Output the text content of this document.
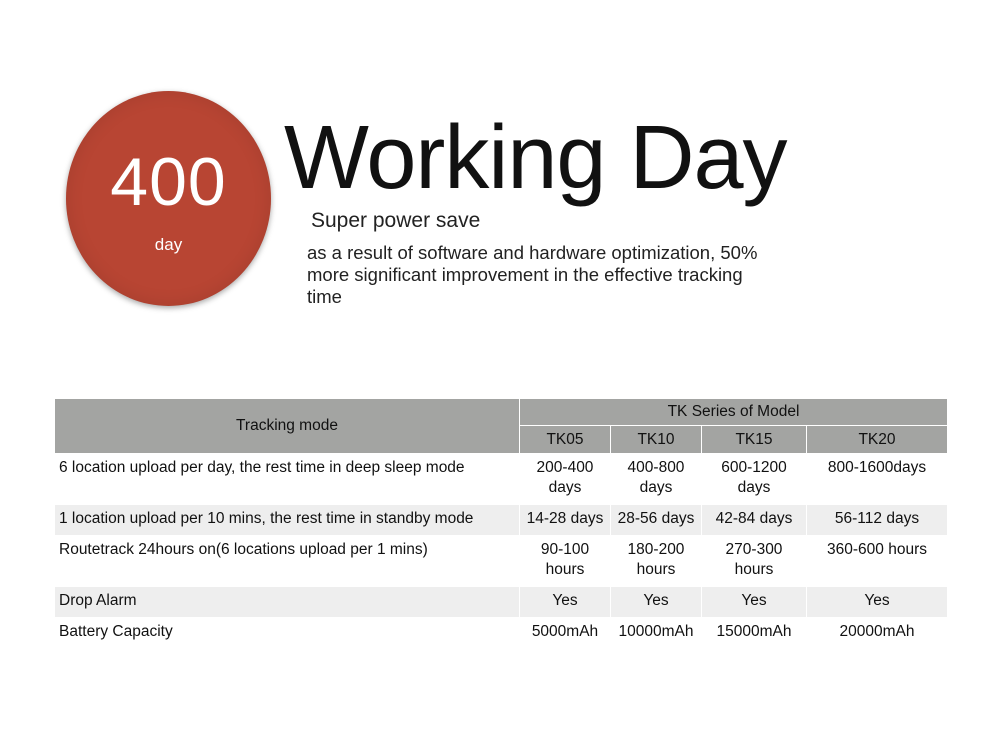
400
day
Working Day
Super power save
as a result of software and hardware optimization, 50% more significant improvement in the effective tracking time
Tracking mode	TK Series of Model			
	TK05	TK10	TK15	TK20
6 location upload per day, the rest time in deep sleep mode	200-400 days	400-800 days	600-1200 days	800-1600days
1 location upload per 10 mins, the rest time in standby mode	14-28 days	28-56 days	42-84 days	56-112 days
Routetrack 24hours on(6 locations upload per 1 mins)	90-100 hours	180-200 hours	270-300 hours	360-600 hours
Drop Alarm	Yes	Yes	Yes	Yes
Battery Capacity	5000mAh	10000mAh	15000mAh	20000mAh
